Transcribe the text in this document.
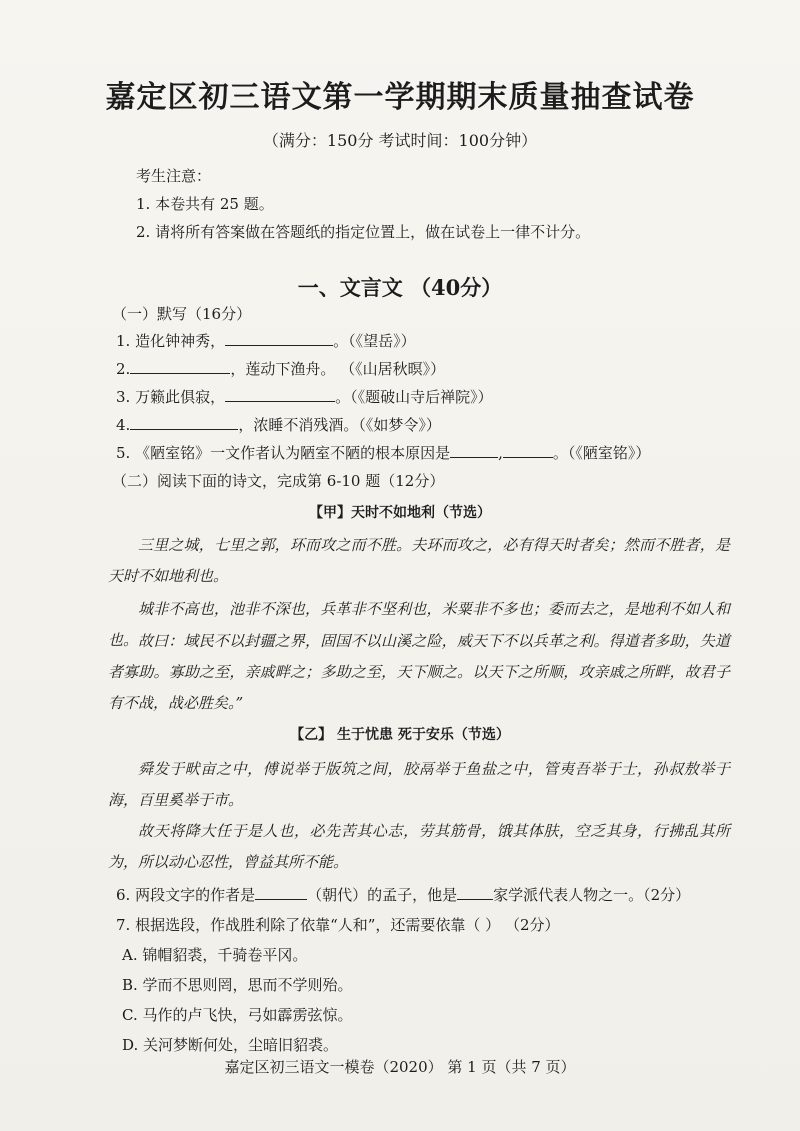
嘉定区初三语文第一学期期末质量抽查试卷
（满分：150分 考试时间：100分钟）
考生注意：
1. 本卷共有 25 题。
2. 请将所有答案做在答题纸的指定位置上，做在试卷上一律不计分。
一、文言文 （40分）
（一）默写（16分）
1. 造化钟神秀，	。（《望岳》）
2.	，莲动下渔舟。 （《山居秋暝》）
3. 万籁此俱寂，	。（《题破山寺后禅院》）
4.	，浓睡不消残酒。（《如梦令》）
5. 《陋室铭》一文作者认为陋室不陋的根本原因是	,	。（《陋室铭》）
（二）阅读下面的诗文，完成第 6-10 题（12分）
【甲】天时不如地利（节选）
三里之城，七里之郭，环而攻之而不胜。夫环而攻之，必有得天时者矣；然而不胜者，是天时不如地利也。
城非不高也，池非不深也，兵革非不坚利也，米粟非不多也；委而去之，是地利不如人和也。 故曰：域民不以封疆之界，固国不以山溪之险，威天下不以兵革之利。得道者多助，失道者寡助。寡助之至，亲戚畔之；多助之至，天下顺之。以天下之所顺，攻亲戚之所畔，故君子有不战，战必胜矣。”
【乙】 生于忧患 死于安乐（节选）
舜发于畎亩之中，傅说举于版筑之间，胶鬲举于鱼盐之中，管夷吾举于士，孙叔敖举于海，百里奚举于市。
故天将降大任于是人也，必先苦其心志，劳其筋骨，饿其体肤，空乏其身，行拂乱其所为，所以动心忍性，曾益其所不能。
6. 两段文字的作者是	（朝代）的孟子，他是 家学派代表人物之一。（2分）
7. 根据选段，作战胜利除了依靠“人和”，还需要依靠（ ） （2分）
A. 锦帽貂裘，千骑卷平冈。
B. 学而不思则罔，思而不学则殆。
C. 马作的卢飞快，弓如霹雳弦惊。
D. 关河梦断何处，尘暗旧貂裘。
嘉定区初三语文一模卷（2020） 第 1 页（共 7 页）
